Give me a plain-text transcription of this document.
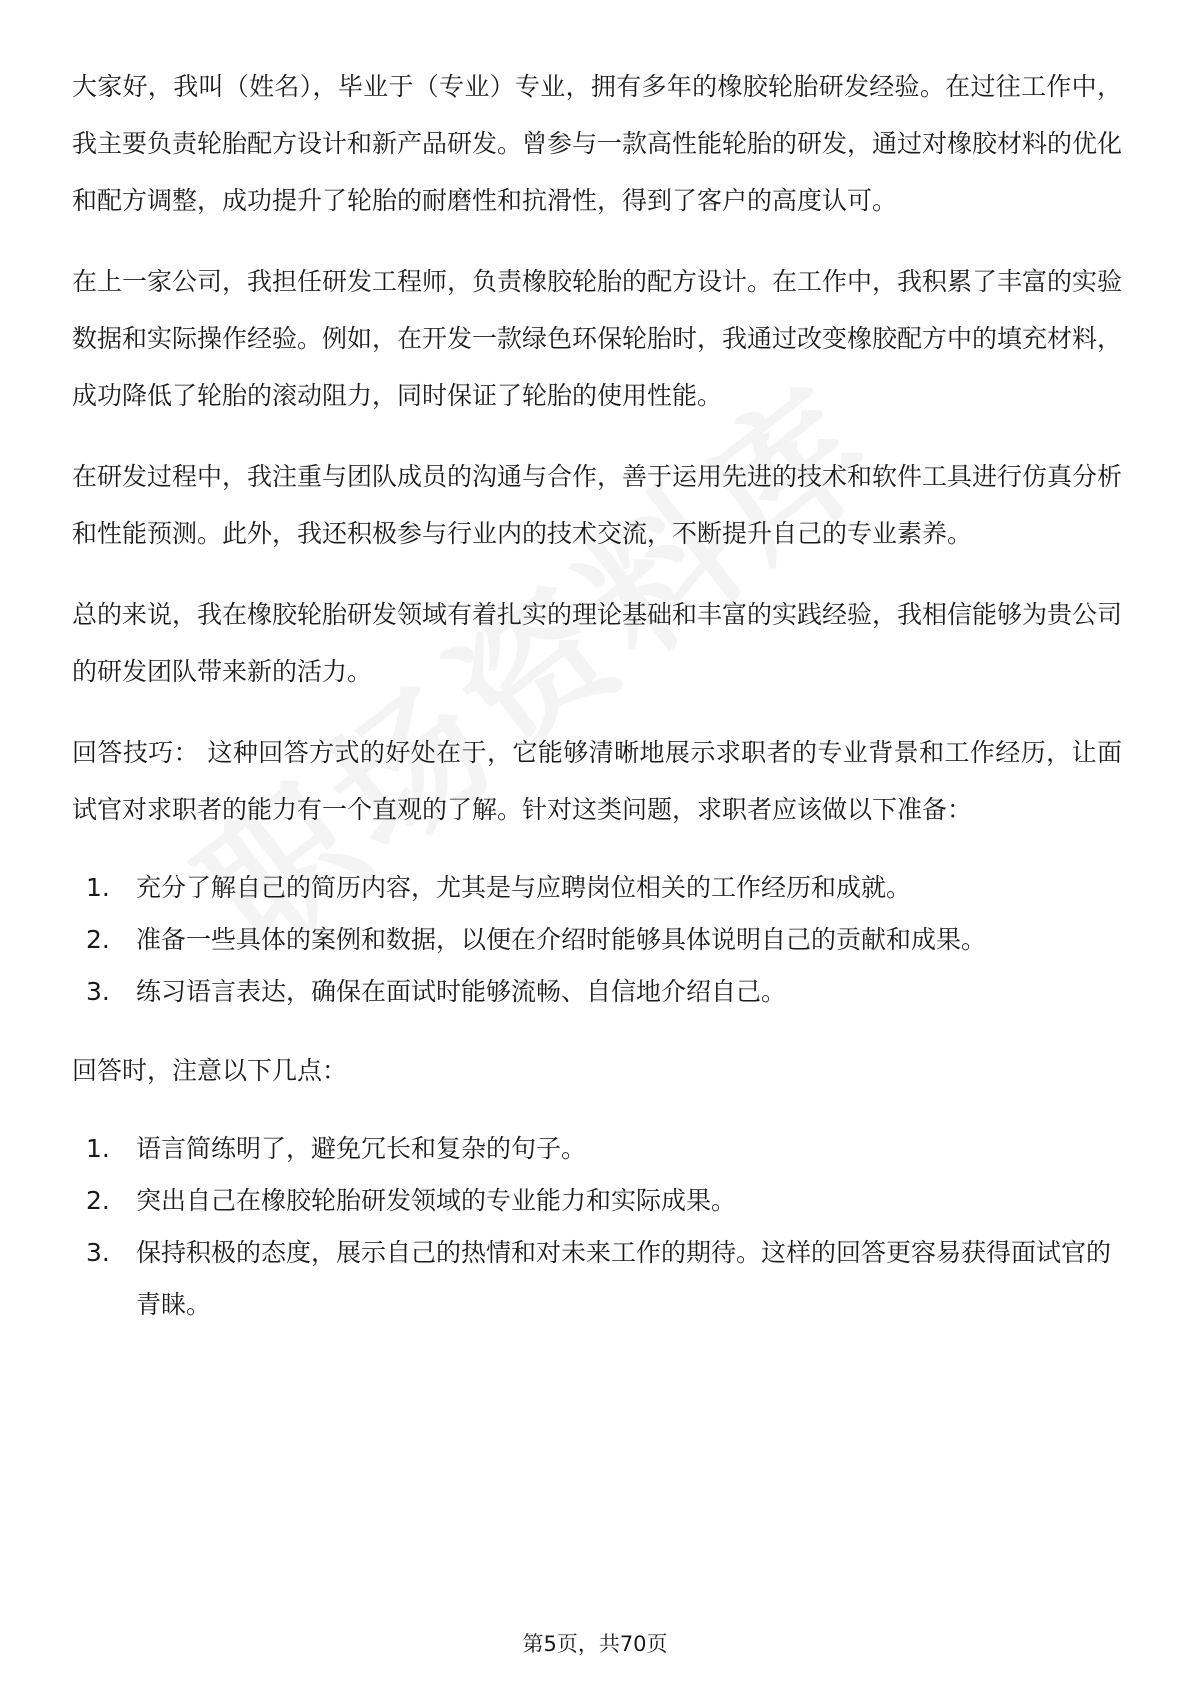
大家好，我叫（姓名），毕业于（专业）专业，拥有多年的橡胶轮胎研发经验。在过往工作中，我主要负责轮胎配方设计和新产品研发。曾参与一款高性能轮胎的研发，通过对橡胶材料的优化和配方调整，成功提升了轮胎的耐磨性和抗滑性，得到了客户的高度认可。

在上一家公司，我担任研发工程师，负责橡胶轮胎的配方设计。在工作中，我积累了丰富的实验数据和实际操作经验。例如，在开发一款绿色环保轮胎时，我通过改变橡胶配方中的填充材料，成功降低了轮胎的滚动阻力，同时保证了轮胎的使用性能。

在研发过程中，我注重与团队成员的沟通与合作，善于运用先进的技术和软件工具进行仿真分析和性能预测。此外，我还积极参与行业内的技术交流，不断提升自己的专业素养。

总的来说，我在橡胶轮胎研发领域有着扎实的理论基础和丰富的实践经验，我相信能够为贵公司的研发团队带来新的活力。

回答技巧： 这种回答方式的好处在于，它能够清晰地展示求职者的专业背景和工作经历，让面试官对求职者的能力有一个直观的了解。针对这类问题，求职者应该做以下准备：

1. 充分了解自己的简历内容，尤其是与应聘岗位相关的工作经历和成就。
2. 准备一些具体的案例和数据，以便在介绍时能够具体说明自己的贡献和成果。
3. 练习语言表达，确保在面试时能够流畅、自信地介绍自己。

回答时，注意以下几点：

1. 语言简练明了，避免冗长和复杂的句子。
2. 突出自己在橡胶轮胎研发领域的专业能力和实际成果。
3. 保持积极的态度，展示自己的热情和对未来工作的期待。这样的回答更容易获得面试官的青睐。
第5页，共70页
